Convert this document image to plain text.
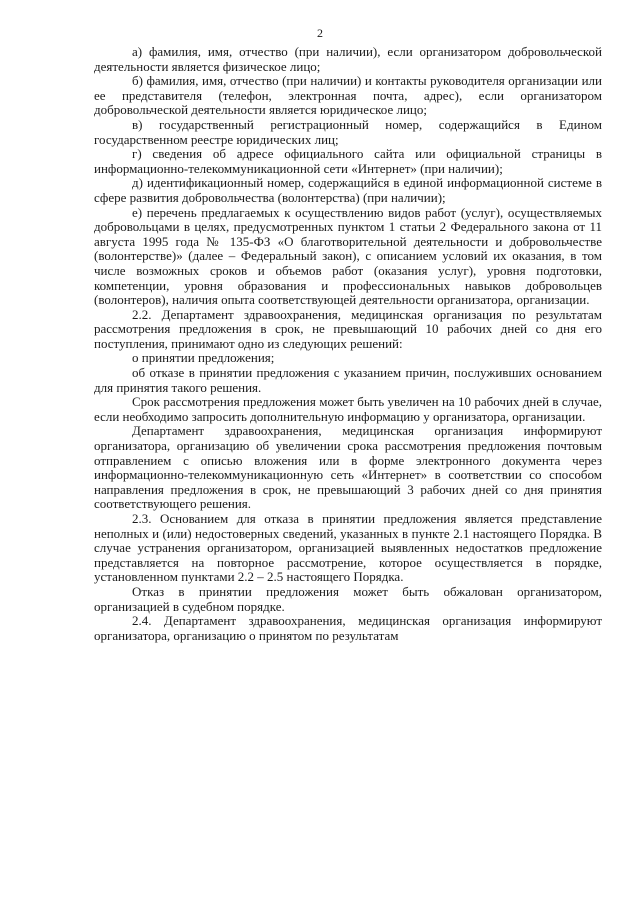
2

а) фамилия, имя, отчество (при наличии), если организатором добровольческой деятельности является физическое лицо;

б) фамилия, имя, отчество (при наличии) и контакты руководителя организации или ее представителя (телефон, электронная почта, адрес), если организатором добровольческой деятельности является юридическое лицо;

в) государственный регистрационный номер, содержащийся в Едином государственном реестре юридических лиц;

г) сведения об адресе официального сайта или официальной страницы в информационно-телекоммуникационной сети «Интернет» (при наличии);

д) идентификационный номер, содержащийся в единой информационной системе в сфере развития добровольчества (волонтерства) (при наличии);

е) перечень предлагаемых к осуществлению видов работ (услуг), осуществляемых добровольцами в целях, предусмотренных пунктом 1 статьи 2 Федерального закона от 11 августа 1995 года № 135-ФЗ «О благотворительной деятельности и добровольчестве (волонтерстве)» (далее – Федеральный закон), с описанием условий их оказания, в том числе возможных сроков и объемов работ (оказания услуг), уровня подготовки, компетенции, уровня образования и профессиональных навыков добровольцев (волонтеров), наличия опыта соответствующей деятельности организатора, организации.

2.2. Департамент здравоохранения, медицинская организация по результатам рассмотрения предложения в срок, не превышающий 10 рабочих дней со дня его поступления, принимают одно из следующих решений:

о принятии предложения;

об отказе в принятии предложения с указанием причин, послуживших основанием для принятия такого решения.

Срок рассмотрения предложения может быть увеличен на 10 рабочих дней в случае, если необходимо запросить дополнительную информацию у организатора, организации.

Департамент здравоохранения, медицинская организация информируют организатора, организацию об увеличении срока рассмотрения предложения почтовым отправлением с описью вложения или в форме электронного документа через информационно-телекоммуникационную сеть «Интернет» в соответствии со способом направления предложения в срок, не превышающий 3 рабочих дней со дня принятия соответствующего решения.

2.3. Основанием для отказа в принятии предложения является представление неполных и (или) недостоверных сведений, указанных в пункте 2.1 настоящего Порядка. В случае устранения организатором, организацией выявленных недостатков предложение представляется на повторное рассмотрение, которое осуществляется в порядке, установленном пунктами 2.2 – 2.5 настоящего Порядка.

Отказ в принятии предложения может быть обжалован организатором, организацией в судебном порядке.

2.4. Департамент здравоохранения, медицинская организация информируют организатора, организацию о принятом по результатам
